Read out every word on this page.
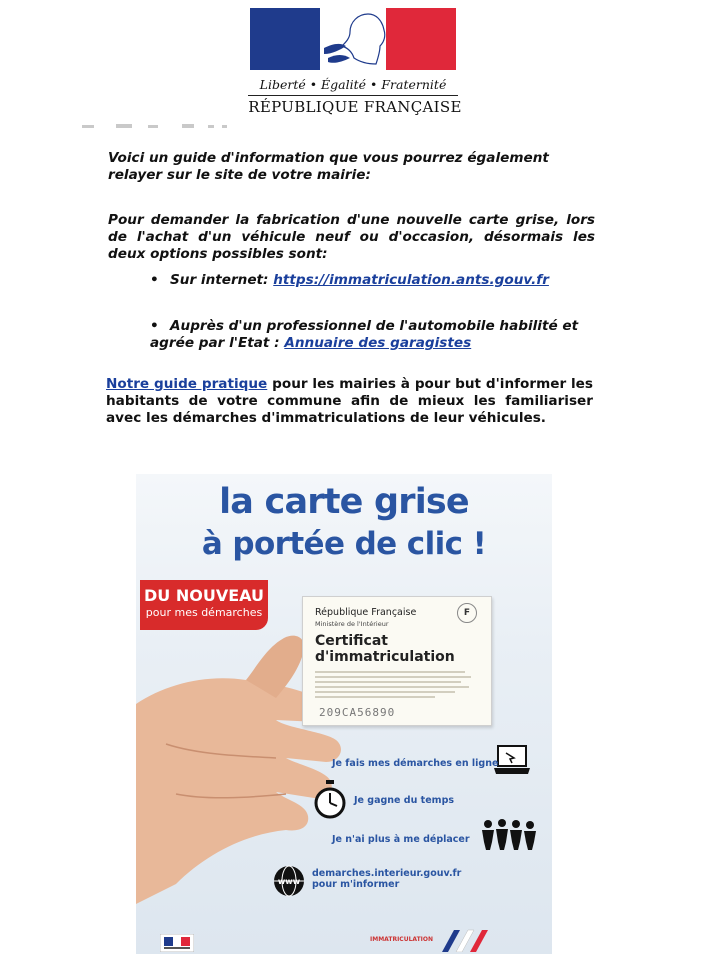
Liberté • Égalité • Fraternité
RÉPUBLIQUE FRANÇAISE
Voici un guide d'information que vous pourrez également relayer sur le site de votre mairie:
Pour demander la fabrication d'une nouvelle carte grise, lors de l'achat d'un véhicule neuf ou d'occasion, désormais les deux options possibles sont:
• Sur internet: https://immatriculation.ants.gouv.fr
• Auprès d'un professionnel de l'automobile habilité et agrée par l'Etat : Annuaire des garagistes
Notre guide pratique pour les mairies à pour but d'informer les habitants de votre commune afin de mieux les familiariser avec les démarches d'immatriculations de leur véhicules.
la carte grise
à portée de clic !
DU NOUVEAU
pour mes démarches	République Française
Ministère de l'Intérieur
F
Certificat
d'immatriculation
209CA56890
Je fais mes démarches en ligne
Je gagne du temps
Je n'ai plus à me déplacer
www
demarches.interieur.gouv.fr
pour m'informer
IMMATRICULATION
